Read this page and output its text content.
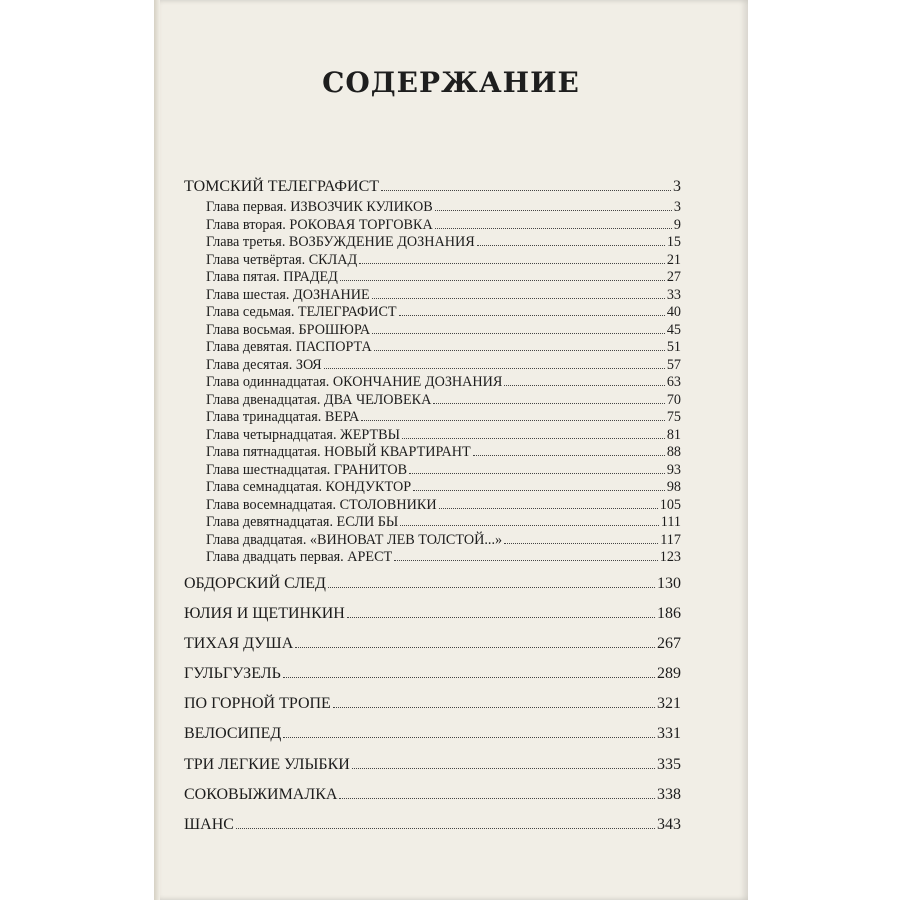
СОДЕРЖАНИЕ
ТОМСКИЙ ТЕЛЕГРАФИСТ	3
Глава первая. ИЗВОЗЧИК КУЛИКОВ	3
Глава вторая. РОКОВАЯ ТОРГОВКА	9
Глава третья. ВОЗБУЖДЕНИЕ ДОЗНАНИЯ	15
Глава четвёртая. СКЛАД	21
Глава пятая. ПРАДЕД	27
Глава шестая. ДОЗНАНИЕ	33
Глава седьмая. ТЕЛЕГРАФИСТ	40
Глава восьмая. БРОШЮРА	45
Глава девятая. ПАСПОРТА	51
Глава десятая. ЗОЯ	57
Глава одиннадцатая. ОКОНЧАНИЕ ДОЗНАНИЯ	63
Глава двенадцатая. ДВА ЧЕЛОВЕКА	70
Глава тринадцатая. ВЕРА	75
Глава четырнадцатая. ЖЕРТВЫ	81
Глава пятнадцатая. НОВЫЙ КВАРТИРАНТ	88
Глава шестнадцатая. ГРАНИТОВ	93
Глава семнадцатая. КОНДУКТОР	98
Глава восемнадцатая. СТОЛОВНИКИ	105
Глава девятнадцатая. ЕСЛИ БЫ	111
Глава двадцатая. «ВИНОВАТ ЛЕВ ТОЛСТОЙ...»	117
Глава двадцать первая. АРЕСТ	123
ОБДОРСКИЙ СЛЕД	130
ЮЛИЯ И ЩЕТИНКИН	186
ТИХАЯ ДУША	267
ГУЛЬГУЗЕЛЬ	289
ПО ГОРНОЙ ТРОПЕ	321
ВЕЛОСИПЕД	331
ТРИ ЛЕГКИЕ УЛЫБКИ	335
СОКОВЫЖИМАЛКА	338
ШАНС	343
